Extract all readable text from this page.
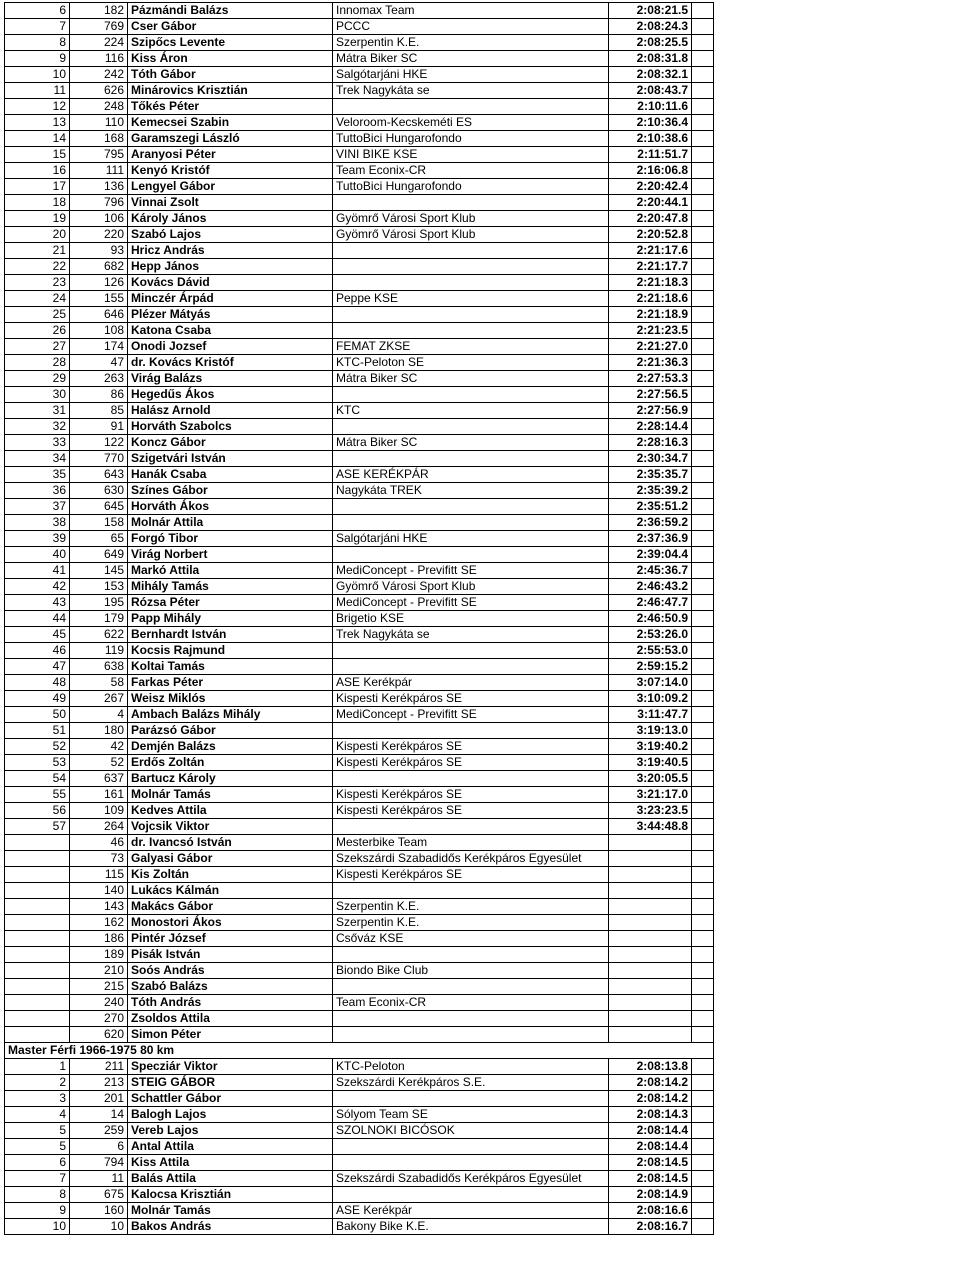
6	182	Pázmándi Balázs	Innomax Team	2:08:21.5	
7	769	Cser Gábor	PCCC	2:08:24.3	
8	224	Szipőcs Levente	Szerpentin K.E.	2:08:25.5	
9	116	Kiss Áron	Mátra Biker SC	2:08:31.8	
10	242	Tóth Gábor	Salgótarjáni HKE	2:08:32.1	
11	626	Minárovics Krisztián	Trek Nagykáta se	2:08:43.7	
12	248	Tőkés Péter		2:10:11.6	
13	110	Kemecsei Szabin	Veloroom-Kecskeméti ES	2:10:36.4	
14	168	Garamszegi László	TuttoBici Hungarofondo	2:10:38.6	
15	795	Aranyosi Péter	VINI BIKE KSE	2:11:51.7	
16	111	Kenyó Kristóf	Team Econix-CR	2:16:06.8	
17	136	Lengyel Gábor	TuttoBici Hungarofondo	2:20:42.4	
18	796	Vinnai Zsolt		2:20:44.1	
19	106	Károly János	Gyömrő Városi Sport Klub	2:20:47.8	
20	220	Szabó Lajos	Gyömrő Városi Sport Klub	2:20:52.8	
21	93	Hricz András		2:21:17.6	
22	682	Hepp János		2:21:17.7	
23	126	Kovács Dávid		2:21:18.3	
24	155	Minczér Árpád	Peppe KSE	2:21:18.6	
25	646	Plézer Mátyás		2:21:18.9	
26	108	Katona Csaba		2:21:23.5	
27	174	Onodi Jozsef	FEMAT ZKSE	2:21:27.0	
28	47	dr. Kovács Kristóf	KTC-Peloton SE	2:21:36.3	
29	263	Virág Balázs	Mátra Biker SC	2:27:53.3	
30	86	Hegedűs Ákos		2:27:56.5	
31	85	Halász Arnold	KTC	2:27:56.9	
32	91	Horváth Szabolcs		2:28:14.4	
33	122	Koncz Gábor	Mátra Biker SC	2:28:16.3	
34	770	Szigetvári István		2:30:34.7	
35	643	Hanák Csaba	ASE KERÉKPÁR	2:35:35.7	
36	630	Színes Gábor	Nagykáta TREK	2:35:39.2	
37	645	Horváth Ákos		2:35:51.2	
38	158	Molnár Attila		2:36:59.2	
39	65	Forgó Tibor	Salgótarjáni HKE	2:37:36.9	
40	649	Virág Norbert		2:39:04.4	
41	145	Markó Attila	MediConcept - Previfitt SE	2:45:36.7	
42	153	Mihály Tamás	Gyömrő Városi Sport Klub	2:46:43.2	
43	195	Rózsa Péter	MediConcept - Previfitt SE	2:46:47.7	
44	179	Papp Mihály	Brigetio KSE	2:46:50.9	
45	622	Bernhardt István	Trek Nagykáta se	2:53:26.0	
46	119	Kocsis Rajmund		2:55:53.0	
47	638	Koltai Tamás		2:59:15.2	
48	58	Farkas Péter	ASE Kerékpár	3:07:14.0	
49	267	Weisz Miklós	Kispesti Kerékpáros SE	3:10:09.2	
50	4	Ambach Balázs Mihály	MediConcept - Previfitt SE	3:11:47.7	
51	180	Parázsó Gábor		3:19:13.0	
52	42	Demjén Balázs	Kispesti Kerékpáros SE	3:19:40.2	
53	52	Erdős Zoltán	Kispesti Kerékpáros SE	3:19:40.5	
54	637	Bartucz Károly		3:20:05.5	
55	161	Molnár Tamás	Kispesti Kerékpáros SE	3:21:17.0	
56	109	Kedves Attila	Kispesti Kerékpáros SE	3:23:23.5	
57	264	Vojcsik Viktor		3:44:48.8	
	46	dr. Ivancsó István	Mesterbike Team		
	73	Galyasi Gábor	Szekszárdi Szabadidős Kerékpáros Egyesület		
	115	Kis Zoltán	Kispesti Kerékpáros SE		
	140	Lukács Kálmán			
	143	Makács Gábor	Szerpentin K.E.		
	162	Monostori Ákos	Szerpentin K.E.		
	186	Pintér József	Csőváz KSE		
	189	Pisák István			
	210	Soós András	Biondo Bike Club		
	215	Szabó Balázs			
	240	Tóth András	Team Econix-CR		
	270	Zsoldos Attila			
	620	Simon Péter			
Master Férfi 1966-1975 80 km					
1	211	Specziár Viktor	KTC-Peloton	2:08:13.8	
2	213	STEIG GÁBOR	Szekszárdi Kerékpáros S.E.	2:08:14.2	
3	201	Schattler Gábor		2:08:14.2	
4	14	Balogh Lajos	Sólyom Team SE	2:08:14.3	
5	259	Vereb Lajos	SZOLNOKI BICÓSOK	2:08:14.4	
5	6	Antal Attila		2:08:14.4	
6	794	Kiss Attila		2:08:14.5	
7	11	Balás Attila	Szekszárdi Szabadidős Kerékpáros Egyesület	2:08:14.5	
8	675	Kalocsa Krisztián		2:08:14.9	
9	160	Molnár Tamás	ASE Kerékpár	2:08:16.6	
10	10	Bakos András	Bakony Bike K.E.	2:08:16.7	
